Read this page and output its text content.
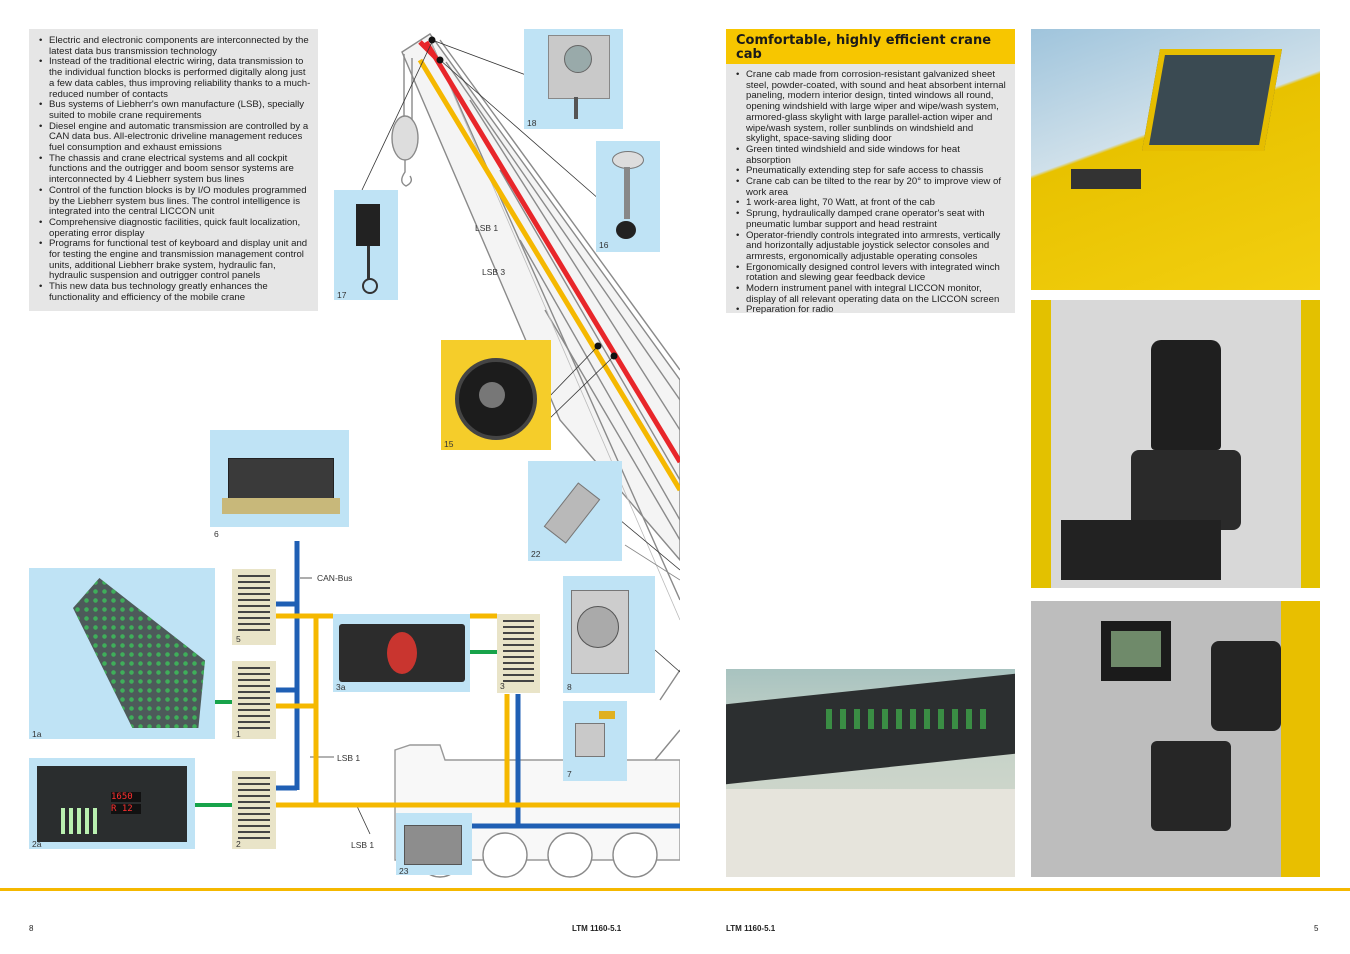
• Electric and electronic components are interconnected by the latest data bus transmission technology
• Instead of the traditional electric wiring, data transmission to the individual function blocks is performed digitally along just a few data cables, thus improving reliability thanks to a much-reduced number of contacts
• Bus systems of Liebherr's own manufacture (LSB), specially suited to mobile crane requirements
• Diesel engine and automatic transmission are controlled by a CAN data bus. All-electronic driveline management reduces fuel consumption and exhaust emissions
• The chassis and crane electrical systems and all cockpit functions and the outrigger and boom sensor systems are interconnected by 4 Liebherr system bus lines
• Control of the function blocks is by I/O modules programmed by the Liebherr system bus lines. The control intelligence is integrated into the central LICCON unit
• Comprehensive diagnostic facilities, quick fault localization, operating error display
• Programs for functional test of keyboard and display unit and for testing the engine and transmission management control units, additional Liebherr brake system, hydraulic fan, hydraulic suspension and outrigger control panels
• This new data bus technology greatly enhances the functionality and efficiency of the mobile crane
18
16
17
15
6
22
5
1
2
1a
1650
R 12
2a
3a	3	8
7
23
LSB 1
LSB 3
CAN-Bus
LSB 1
LSB 1
Comfortable, highly efficient crane cab
• Crane cab made from corrosion-resistant galvanized sheet steel, powder-coated, with sound and heat absorbent internal paneling, modern interior design, tinted windows all round, opening windshield with large wiper and wipe/wash system, armored-glass skylight with large parallel-action wiper and wipe/wash system, roller sunblinds on windshield and skylight, space-saving sliding door
• Green tinted windshield and side windows for heat absorption
• Pneumatically extending step for safe access to chassis
• Crane cab can be tilted to the rear by 20° to improve view of work area
• 1 work-area light, 70 Watt, at front of the cab
• Sprung, hydraulically damped crane operator's seat with pneumatic lumbar support and head restraint
• Operator-friendly controls integrated into armrests, vertically and horizontally adjustable joystick selector consoles and armrests, ergonomically adjustable operating consoles
• Ergonomically designed control levers with integrated winch rotation and slewing gear feedback device
• Modern instrument panel with integral LICCON monitor, display of all relevant operating data on the LICCON screen
• Preparation for radio
8	LTM 1160-5.1	LTM 1160-5.1	5
